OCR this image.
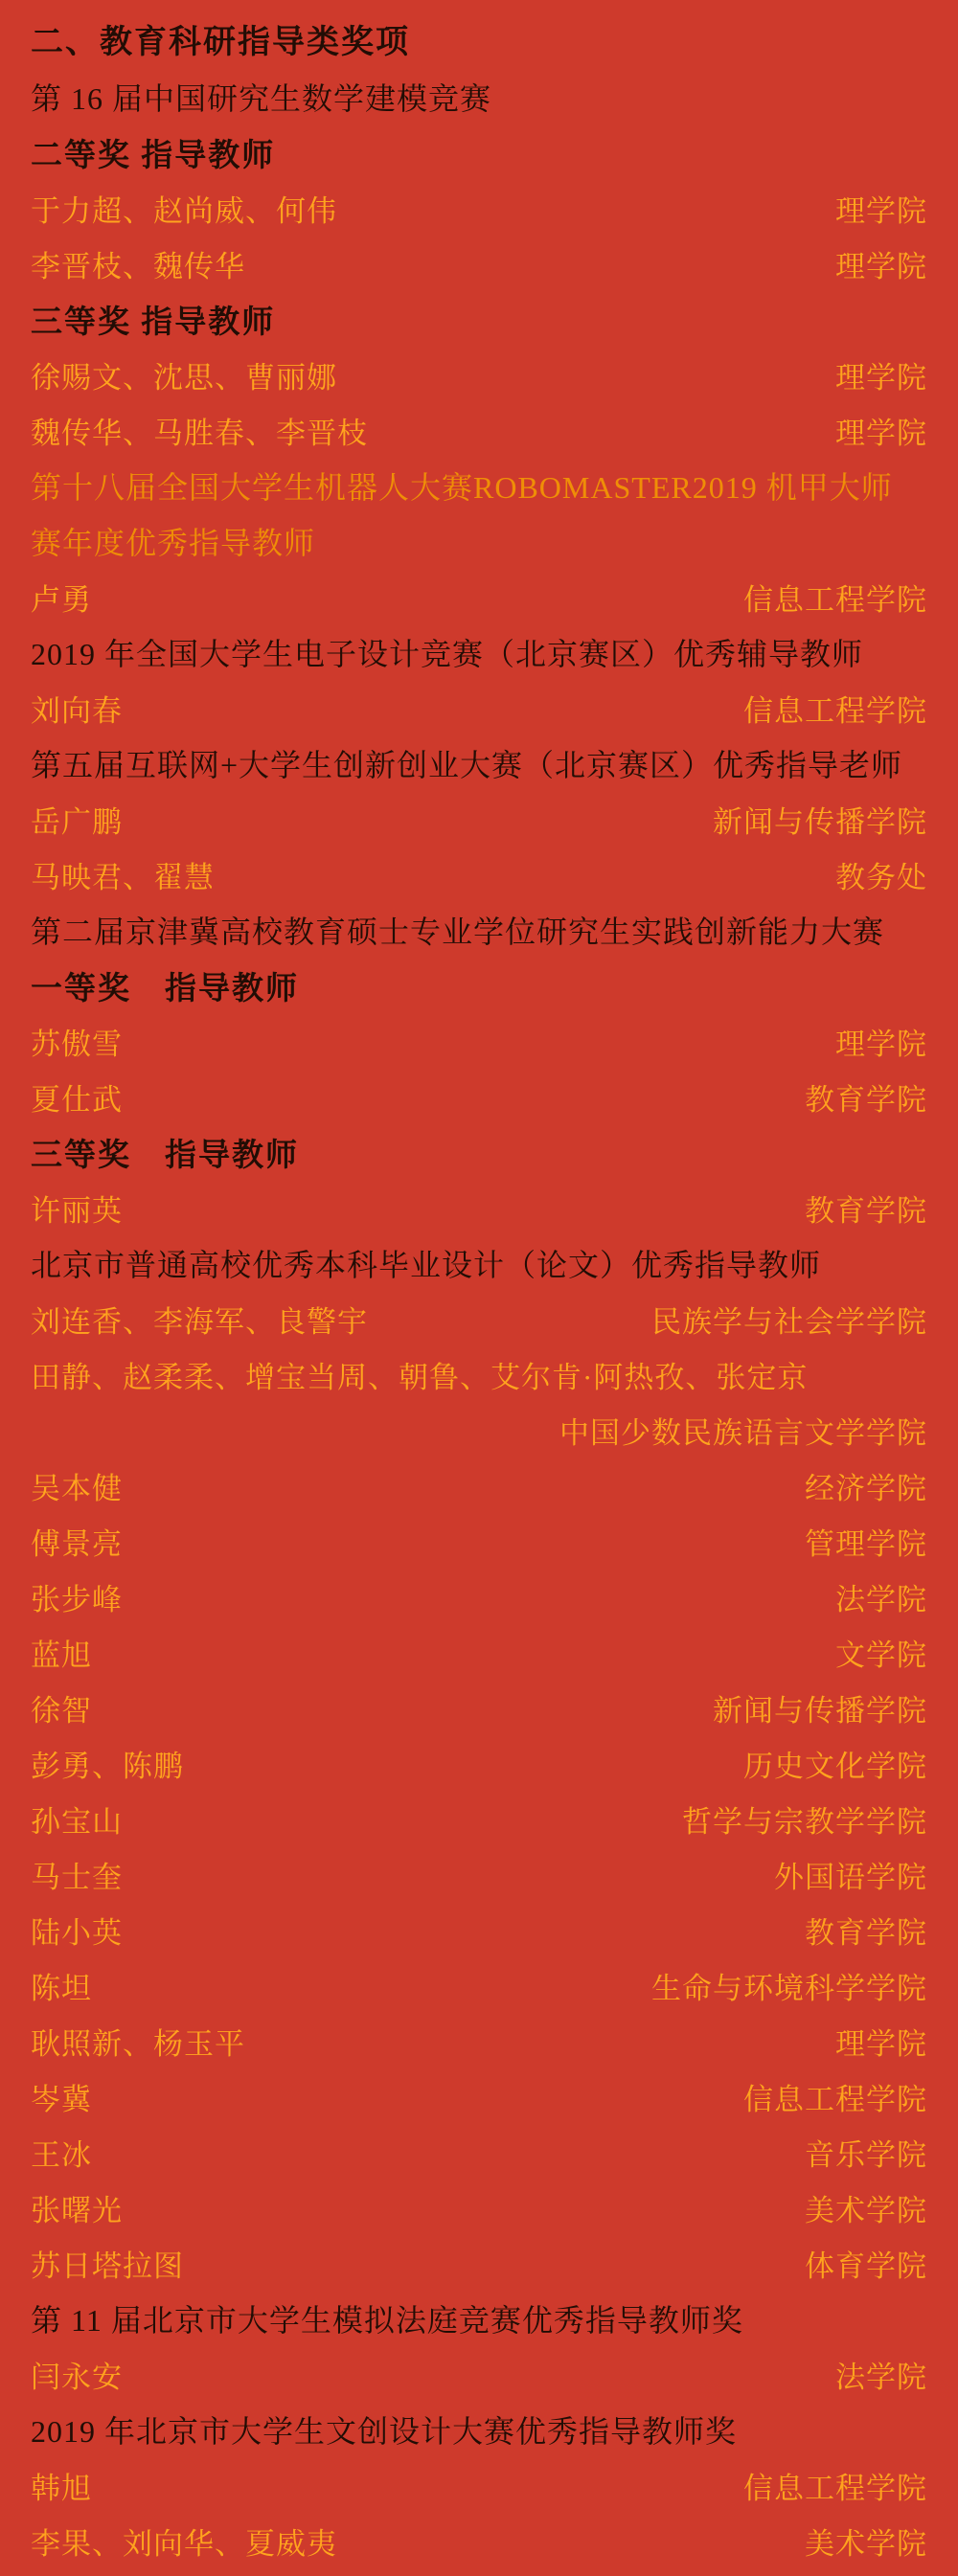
二、教育科研指导类奖项
第 16 届中国研究生数学建模竞赛
二等奖 指导教师
于力超、赵尚威、何伟	理学院
李晋枝、魏传华	理学院
三等奖 指导教师
徐赐文、沈思、曹丽娜	理学院
魏传华、马胜春、李晋枝	理学院
第十八届全国大学生机器人大赛ROBOMASTER2019 机甲大师
赛年度优秀指导教师
卢勇	信息工程学院
2019 年全国大学生电子设计竞赛（北京赛区）优秀辅导教师
刘向春	信息工程学院
第五届互联网+大学生创新创业大赛（北京赛区）优秀指导老师
岳广鹏	新闻与传播学院
马映君、翟慧	教务处
第二届京津冀高校教育硕士专业学位研究生实践创新能力大赛
一等奖　指导教师
苏傲雪	理学院
夏仕武	教育学院
三等奖　指导教师
许丽英	教育学院
北京市普通高校优秀本科毕业设计（论文）优秀指导教师
刘连香、李海军、良警宇	民族学与社会学学院
田静、赵柔柔、增宝当周、朝鲁、艾尔肯·阿热孜、张定京
中国少数民族语言文学学院
吴本健	经济学院
傅景亮	管理学院
张步峰	法学院
蓝旭	文学院
徐智	新闻与传播学院
彭勇、陈鹏	历史文化学院
孙宝山	哲学与宗教学学院
马士奎	外国语学院
陆小英	教育学院
陈坦	生命与环境科学学院
耿照新、杨玉平	理学院
岑冀	信息工程学院
王冰	音乐学院
张曙光	美术学院
苏日塔拉图	体育学院
第 11 届北京市大学生模拟法庭竞赛优秀指导教师奖
闫永安	法学院
2019 年北京市大学生文创设计大赛优秀指导教师奖
韩旭	信息工程学院
李果、刘向华、夏威夷	美术学院
